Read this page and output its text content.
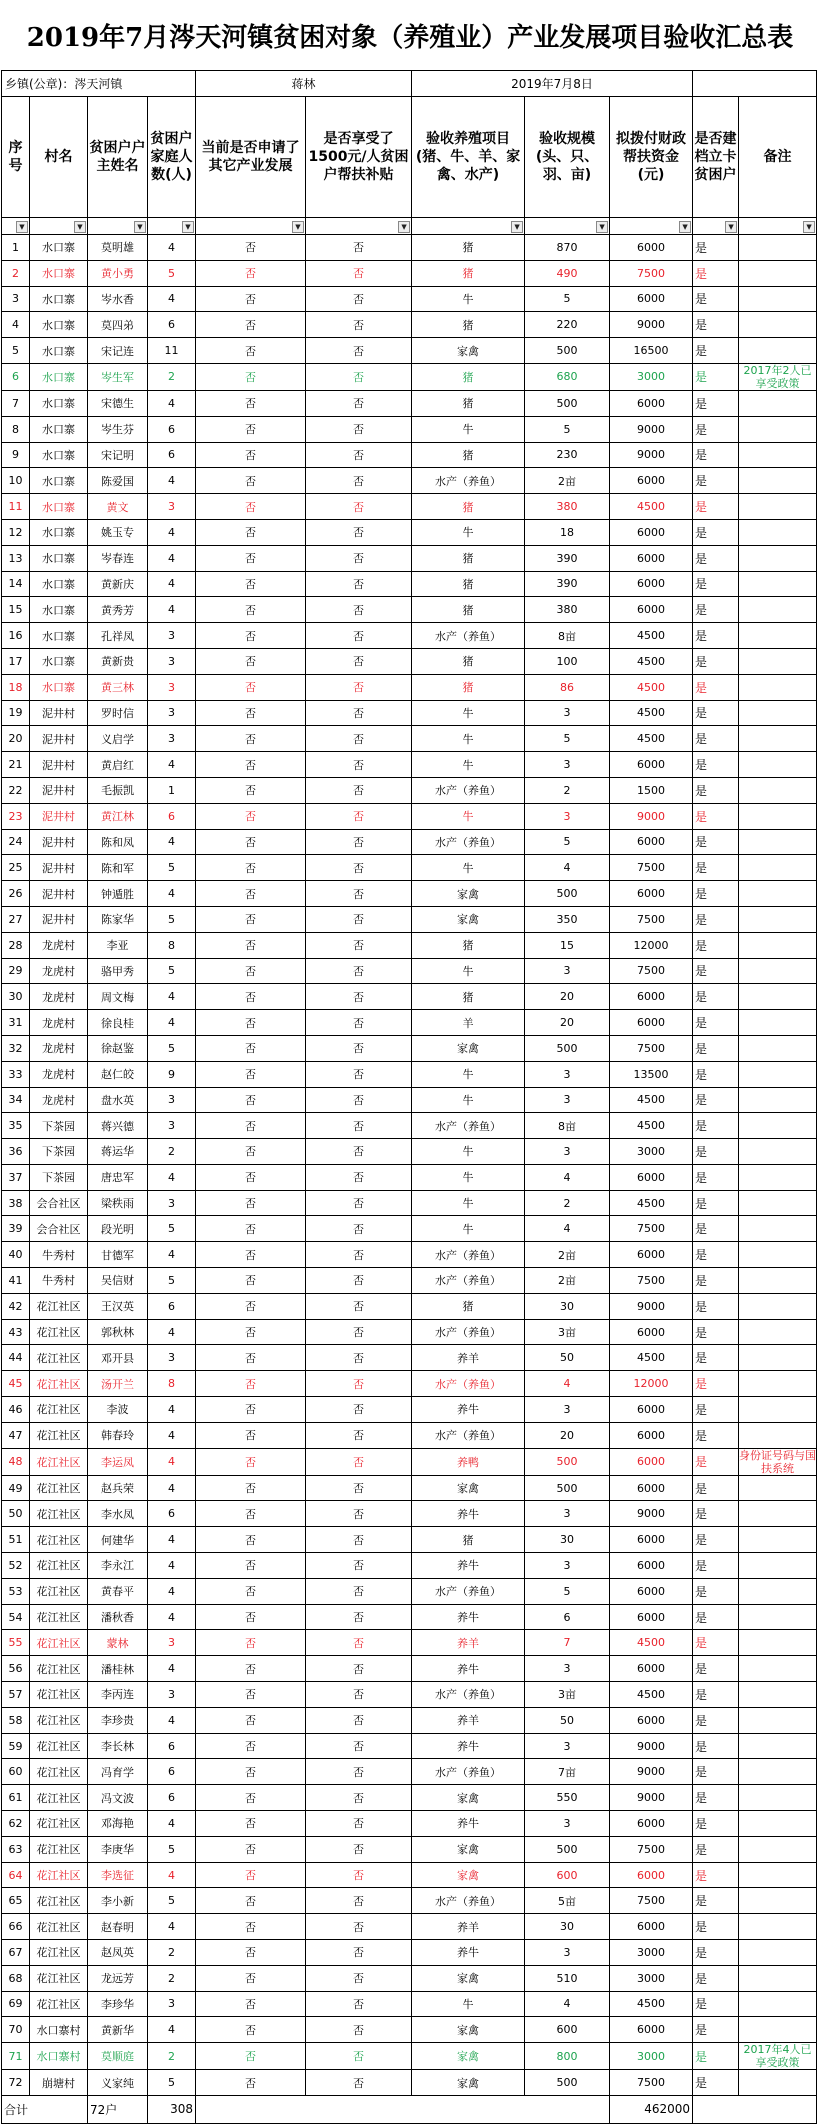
2019年7月涔天河镇贫困对象（养殖业）产业发展项目验收汇总表
乡镇(公章)：涔天河镇				蒋林		2019年7月8日				
序号	村名	贫困户户主姓名	贫困户家庭人数(人)	当前是否申请了其它产业发展	是否享受了1500元/人贫困户帮扶补贴	验收养殖项目(猪、牛、羊、家禽、水产)	验收规模(头、只、羽、亩)	拟拨付财政帮扶资金(元)	是否建档立卡贫困户	备注
▼	▼	▼	▼	▼	▼	▼	▼	▼	▼	▼
1	水口寨	莫明雄	4	否	否	猪	870	6000	是	
2	水口寨	黄小勇	5	否	否	猪	490	7500	是	
3	水口寨	岑水香	4	否	否	牛	5	6000	是	
4	水口寨	莫四弟	6	否	否	猪	220	9000	是	
5	水口寨	宋记连	11	否	否	家禽	500	16500	是	
6	水口寨	岑生军	2	否	否	猪	680	3000	是	2017年2人已享受政策
7	水口寨	宋德生	4	否	否	猪	500	6000	是	
8	水口寨	岑生芬	6	否	否	牛	5	9000	是	
9	水口寨	宋记明	6	否	否	猪	230	9000	是	
10	水口寨	陈爱国	4	否	否	水产（养鱼）	2亩	6000	是	
11	水口寨	黄文	3	否	否	猪	380	4500	是	
12	水口寨	姚玉专	4	否	否	牛	18	6000	是	
13	水口寨	岑春连	4	否	否	猪	390	6000	是	
14	水口寨	黄新庆	4	否	否	猪	390	6000	是	
15	水口寨	黄秀芳	4	否	否	猪	380	6000	是	
16	水口寨	孔祥凤	3	否	否	水产（养鱼）	8亩	4500	是	
17	水口寨	黄新贵	3	否	否	猪	100	4500	是	
18	水口寨	黄三林	3	否	否	猪	86	4500	是	
19	泥井村	罗时信	3	否	否	牛	3	4500	是	
20	泥井村	义启学	3	否	否	牛	5	4500	是	
21	泥井村	黄启红	4	否	否	牛	3	6000	是	
22	泥井村	毛振凯	1	否	否	水产（养鱼）	2	1500	是	
23	泥井村	黄江林	6	否	否	牛	3	9000	是	
24	泥井村	陈和凤	4	否	否	水产（养鱼）	5	6000	是	
25	泥井村	陈和军	5	否	否	牛	4	7500	是	
26	泥井村	钟遁胜	4	否	否	家禽	500	6000	是	
27	泥井村	陈家华	5	否	否	家禽	350	7500	是	
28	龙虎村	李亚	8	否	否	猪	15	12000	是	
29	龙虎村	骆甲秀	5	否	否	牛	3	7500	是	
30	龙虎村	周文梅	4	否	否	猪	20	6000	是	
31	龙虎村	徐良桂	4	否	否	羊	20	6000	是	
32	龙虎村	徐赵鉴	5	否	否	家禽	500	7500	是	
33	龙虎村	赵仁皎	9	否	否	牛	3	13500	是	
34	龙虎村	盘水英	3	否	否	牛	3	4500	是	
35	下茶园	蒋兴德	3	否	否	水产（养鱼）	8亩	4500	是	
36	下茶园	蒋运华	2	否	否	牛	3	3000	是	
37	下茶园	唐忠军	4	否	否	牛	4	6000	是	
38	会合社区	梁秩雨	3	否	否	牛	2	4500	是	
39	会合社区	段光明	5	否	否	牛	4	7500	是	
40	牛秀村	甘德军	4	否	否	水产（养鱼）	2亩	6000	是	
41	牛秀村	吴信财	5	否	否	水产（养鱼）	2亩	7500	是	
42	花江社区	王汉英	6	否	否	猪	30	9000	是	
43	花江社区	郭秋林	4	否	否	水产（养鱼）	3亩	6000	是	
44	花江社区	邓开县	3	否	否	养羊	50	4500	是	
45	花江社区	汤开兰	8	否	否	水产（养鱼）	4	12000	是	
46	花江社区	李波	4	否	否	养牛	3	6000	是	
47	花江社区	韩春玲	4	否	否	水产（养鱼）	20	6000	是	
48	花江社区	李运凤	4	否	否	养鸭	500	6000	是	身份证号码与国扶系统
49	花江社区	赵兵荣	4	否	否	家禽	500	6000	是	
50	花江社区	李水凤	6	否	否	养牛	3	9000	是	
51	花江社区	何建华	4	否	否	猪	30	6000	是	
52	花江社区	李永江	4	否	否	养牛	3	6000	是	
53	花江社区	黄春平	4	否	否	水产（养鱼）	5	6000	是	
54	花江社区	潘秋香	4	否	否	养牛	6	6000	是	
55	花江社区	蒙林	3	否	否	养羊	7	4500	是	
56	花江社区	潘桂林	4	否	否	养牛	3	6000	是	
57	花江社区	李丙连	3	否	否	水产（养鱼）	3亩	4500	是	
58	花江社区	李珍贵	4	否	否	养羊	50	6000	是	
59	花江社区	李长林	6	否	否	养牛	3	9000	是	
60	花江社区	冯育学	6	否	否	水产（养鱼）	7亩	9000	是	
61	花江社区	冯文波	6	否	否	家禽	550	9000	是	
62	花江社区	邓海艳	4	否	否	养牛	3	6000	是	
63	花江社区	李庚华	5	否	否	家禽	500	7500	是	
64	花江社区	李选征	4	否	否	家禽	600	6000	是	
65	花江社区	李小新	5	否	否	水产（养鱼）	5亩	7500	是	
66	花江社区	赵春明	4	否	否	养羊	30	6000	是	
67	花江社区	赵凤英	2	否	否	养牛	3	3000	是	
68	花江社区	龙远芳	2	否	否	家禽	510	3000	是	
69	花江社区	李珍华	3	否	否	牛	4	4500	是	
70	水口寨村	黄新华	4	否	否	家禽	600	6000	是	
71	水口寨村	莫顺庭	2	否	否	家禽	800	3000	是	2017年4人已享受政策
72	崩塘村	义家纯	5	否	否	家禽	500	7500	是	
合计		72户	308					462000		
